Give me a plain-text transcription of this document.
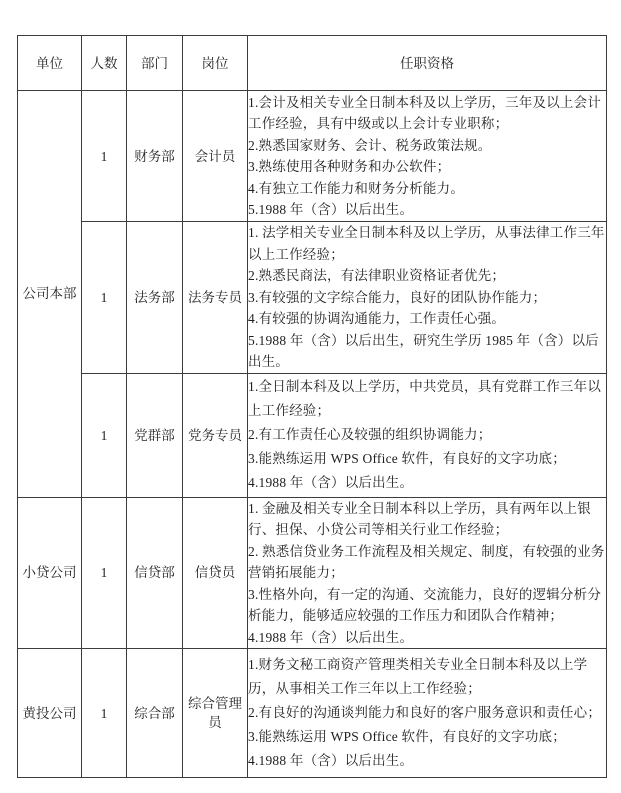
单位	人数	部门	岗位	任职资格
公司本部	1	财务部	会计员	1.会计及相关专业全日制本科及以上学历，三年及以上会计工作经验，具有中级或以上会计专业职称；
2.熟悉国家财务、会计、税务政策法规。
3.熟练使用各种财务和办公软件；
4.有独立工作能力和财务分析能力。
5.1988 年（含）以后出生。

	1	法务部	法务专员	1. 法学相关专业全日制本科及以上学历，从事法律工作三年以上工作经验；
2.熟悉民商法，有法律职业资格证者优先；
3.有较强的文字综合能力，良好的团队协作能力；
4.有较强的协调沟通能力，工作责任心强。
5.1988 年（含）以后出生，研究生学历 1985 年（含）以后出生。

	1	党群部	党务专员	1.全日制本科及以上学历，中共党员，具有党群工作三年以上工作经验；
2.有工作责任心及较强的组织协调能力；
3.能熟练运用 WPS Office 软件，有良好的文字功底；
4.1988 年（含）以后出生。

小贷公司	1	信贷部	信贷员	1. 金融及相关专业全日制本科以上学历，具有两年以上银行、担保、小贷公司等相关行业工作经验；
2. 熟悉信贷业务工作流程及相关规定、制度，有较强的业务营销拓展能力；
3.性格外向，有一定的沟通、交流能力，良好的逻辑分析分析能力，能够适应较强的工作压力和团队合作精神；
4.1988 年（含）以后出生。

黄投公司	1	综合部	综合管理员	1.财务文秘工商资产管理类相关专业全日制本科及以上学历，从事相关工作三年以上工作经验；
2.有良好的沟通谈判能力和良好的客户服务意识和责任心；
3.能熟练运用 WPS Office 软件，有良好的文字功底；
4.1988 年（含）以后出生。
